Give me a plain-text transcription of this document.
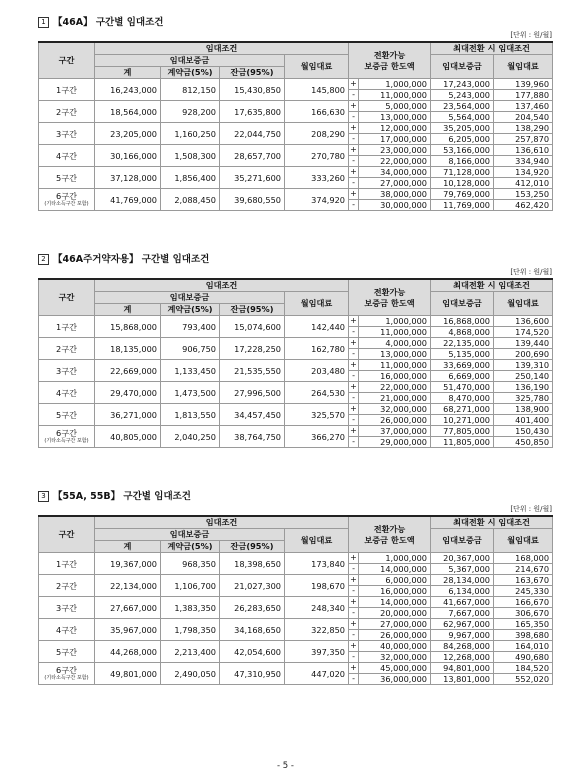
1 【46A】 구간별 임대조건
[단위 : 원/월]
구간	임대조건				전환가능
보증금 한도액		최대전환 시 임대조건	
	임대보증금			월임대료			임대보증금	월임대료
	계	계약금(5%)	잔금(95%)					
1구간	16,243,000	812,150	15,430,850	145,800	+	1,000,000	17,243,000	139,960
					-	11,000,000	5,243,000	177,880
2구간	18,564,000	928,200	17,635,800	166,630	+	5,000,000	23,564,000	137,460
					-	13,000,000	5,564,000	204,540
3구간	23,205,000	1,160,250	22,044,750	208,290	+	12,000,000	35,205,000	138,290
					-	17,000,000	6,205,000	257,870
4구간	30,166,000	1,508,300	28,657,700	270,780	+	23,000,000	53,166,000	136,610
					-	22,000,000	8,166,000	334,940
5구간	37,128,000	1,856,400	35,271,600	333,260	+	34,000,000	71,128,000	134,920
					-	27,000,000	10,128,000	412,010

6구간
(기타소득구간 포함)	41,769,000	2,088,450	39,680,550	374,920	+	38,000,000	79,769,000	153,250
					-	30,000,000	11,769,000	462,420
2 【46A주거약자용】 구간별 임대조건
[단위 : 원/월]
구간	임대조건				전환가능
보증금 한도액		최대전환 시 임대조건	
	임대보증금			월임대료			임대보증금	월임대료
	계	계약금(5%)	잔금(95%)					
1구간	15,868,000	793,400	15,074,600	142,440	+	1,000,000	16,868,000	136,600
					-	11,000,000	4,868,000	174,520
2구간	18,135,000	906,750	17,228,250	162,780	+	4,000,000	22,135,000	139,440
					-	13,000,000	5,135,000	200,690
3구간	22,669,000	1,133,450	21,535,550	203,480	+	11,000,000	33,669,000	139,310
					-	16,000,000	6,669,000	250,140
4구간	29,470,000	1,473,500	27,996,500	264,530	+	22,000,000	51,470,000	136,190
					-	21,000,000	8,470,000	325,780
5구간	36,271,000	1,813,550	34,457,450	325,570	+	32,000,000	68,271,000	138,900
					-	26,000,000	10,271,000	401,400

6구간
(기타소득구간 포함)	40,805,000	2,040,250	38,764,750	366,270	+	37,000,000	77,805,000	150,430
					-	29,000,000	11,805,000	450,850
3 【55A, 55B】 구간별 임대조건
[단위 : 원/월]
구간	임대조건				전환가능
보증금 한도액		최대전환 시 임대조건	
	임대보증금			월임대료			임대보증금	월임대료
	계	계약금(5%)	잔금(95%)					
1구간	19,367,000	968,350	18,398,650	173,840	+	1,000,000	20,367,000	168,000
					-	14,000,000	5,367,000	214,670
2구간	22,134,000	1,106,700	21,027,300	198,670	+	6,000,000	28,134,000	163,670
					-	16,000,000	6,134,000	245,330
3구간	27,667,000	1,383,350	26,283,650	248,340	+	14,000,000	41,667,000	166,670
					-	20,000,000	7,667,000	306,670
4구간	35,967,000	1,798,350	34,168,650	322,850	+	27,000,000	62,967,000	165,350
					-	26,000,000	9,967,000	398,680
5구간	44,268,000	2,213,400	42,054,600	397,350	+	40,000,000	84,268,000	164,010
					-	32,000,000	12,268,000	490,680

6구간
(기타소득구간 포함)	49,801,000	2,490,050	47,310,950	447,020	+	45,000,000	94,801,000	184,520
					-	36,000,000	13,801,000	552,020
- 5 -
